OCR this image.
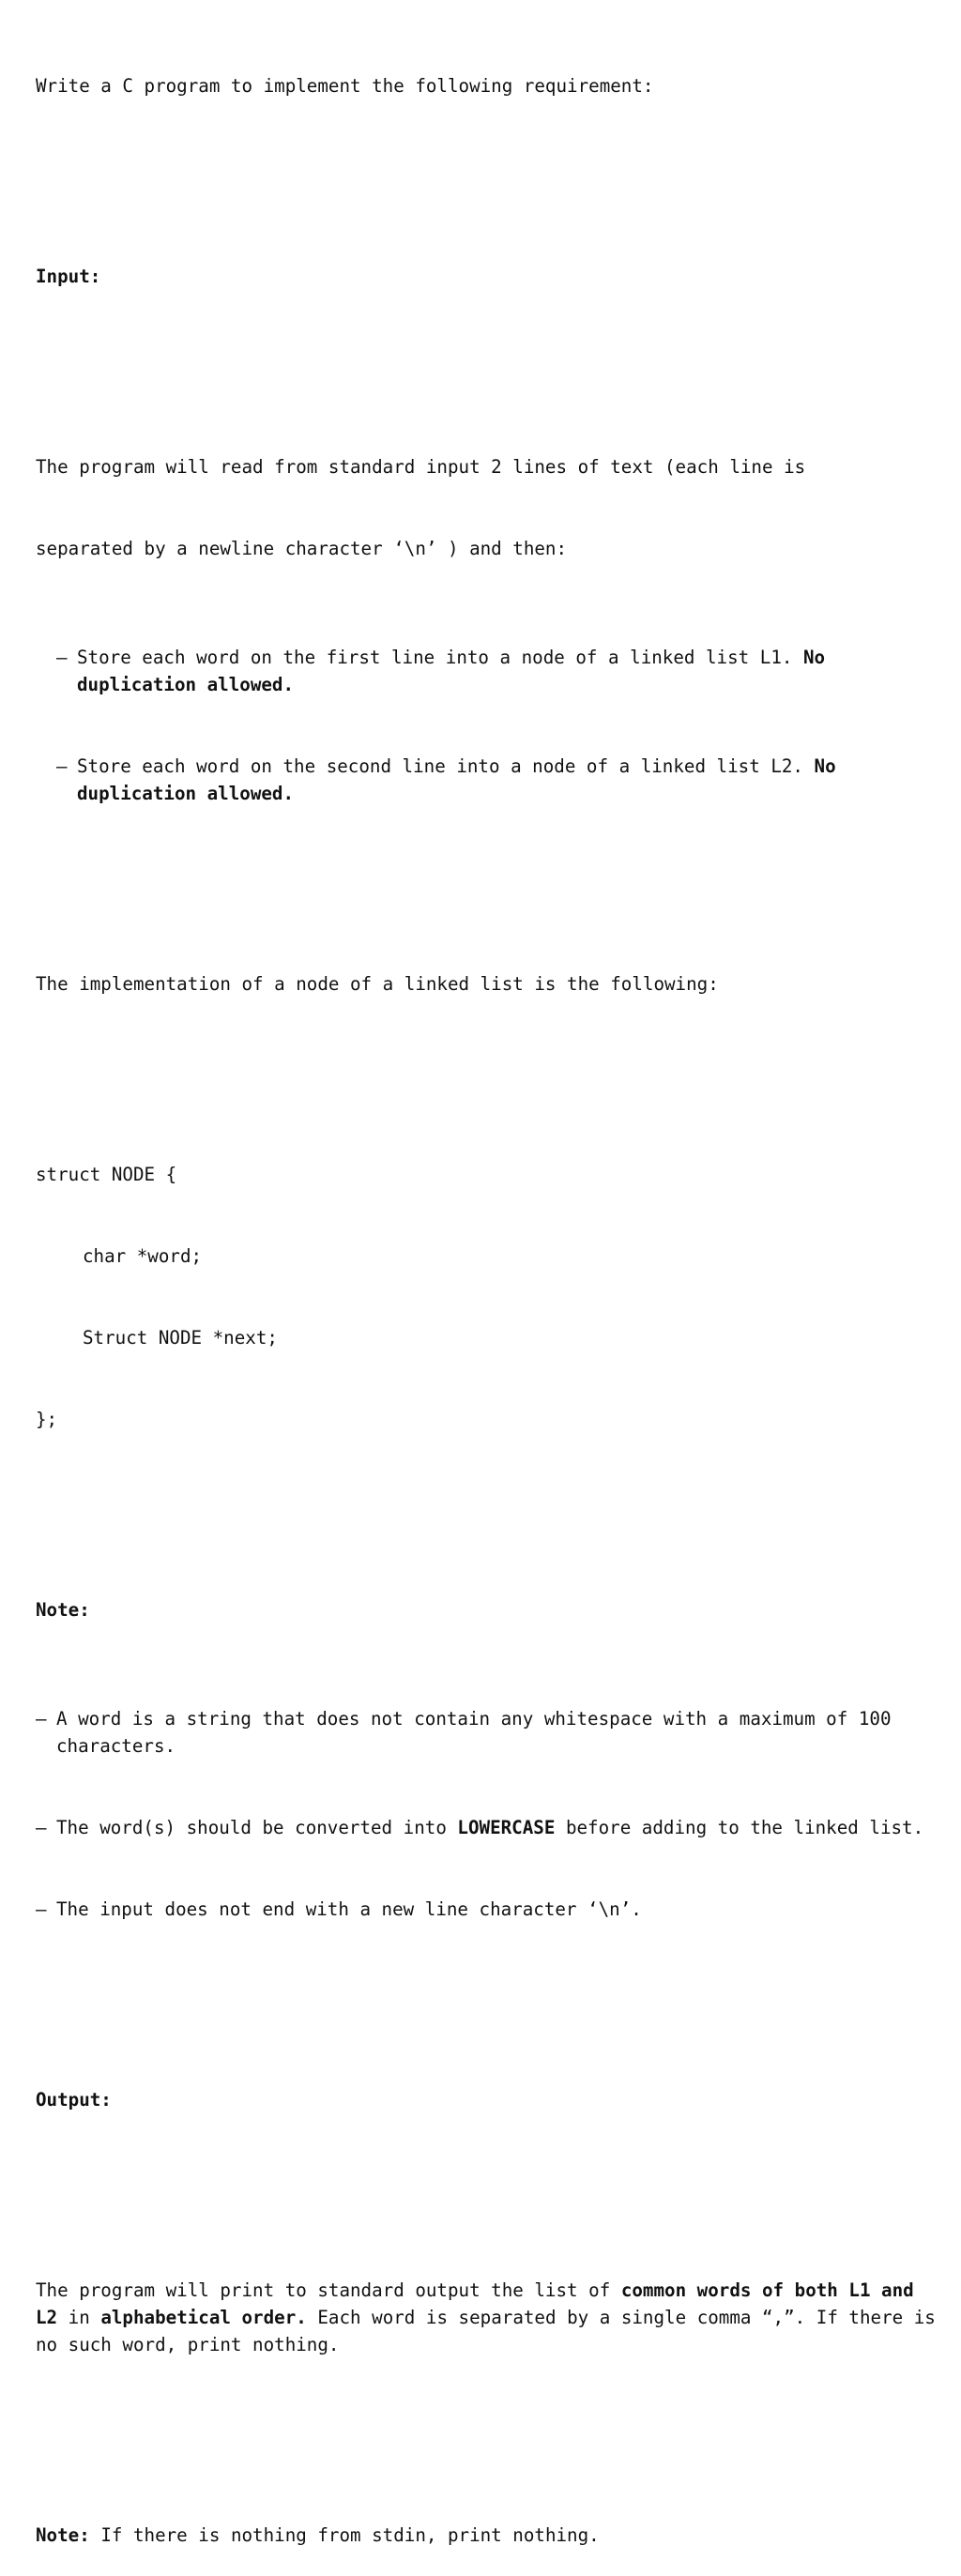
Write a C program to implement the following requirement:

Input:

The program will read from standard input 2 lines of text (each line is

separated by a newline character ‘\n’ ) and then:

– Store each word on the first line into a node of a linked list L1. No duplication allowed.

– Store each word on the second line into a node of a linked list L2. No duplication allowed.

The implementation of a node of a linked list is the following:

struct NODE {

char *word;

Struct NODE *next;

};

Note:

– A word is a string that does not contain any whitespace with a maximum of 100 characters.

– The word(s) should be converted into LOWERCASE before adding to the linked list.

– The input does not end with a new line character ‘\n’.

Output:

The program will print to standard output the list of common words of both L1 and L2 in alphabetical order. Each word is separated by a single comma “,”. If there is no such word, print nothing.

Note: If there is nothing from stdin, print nothing.
